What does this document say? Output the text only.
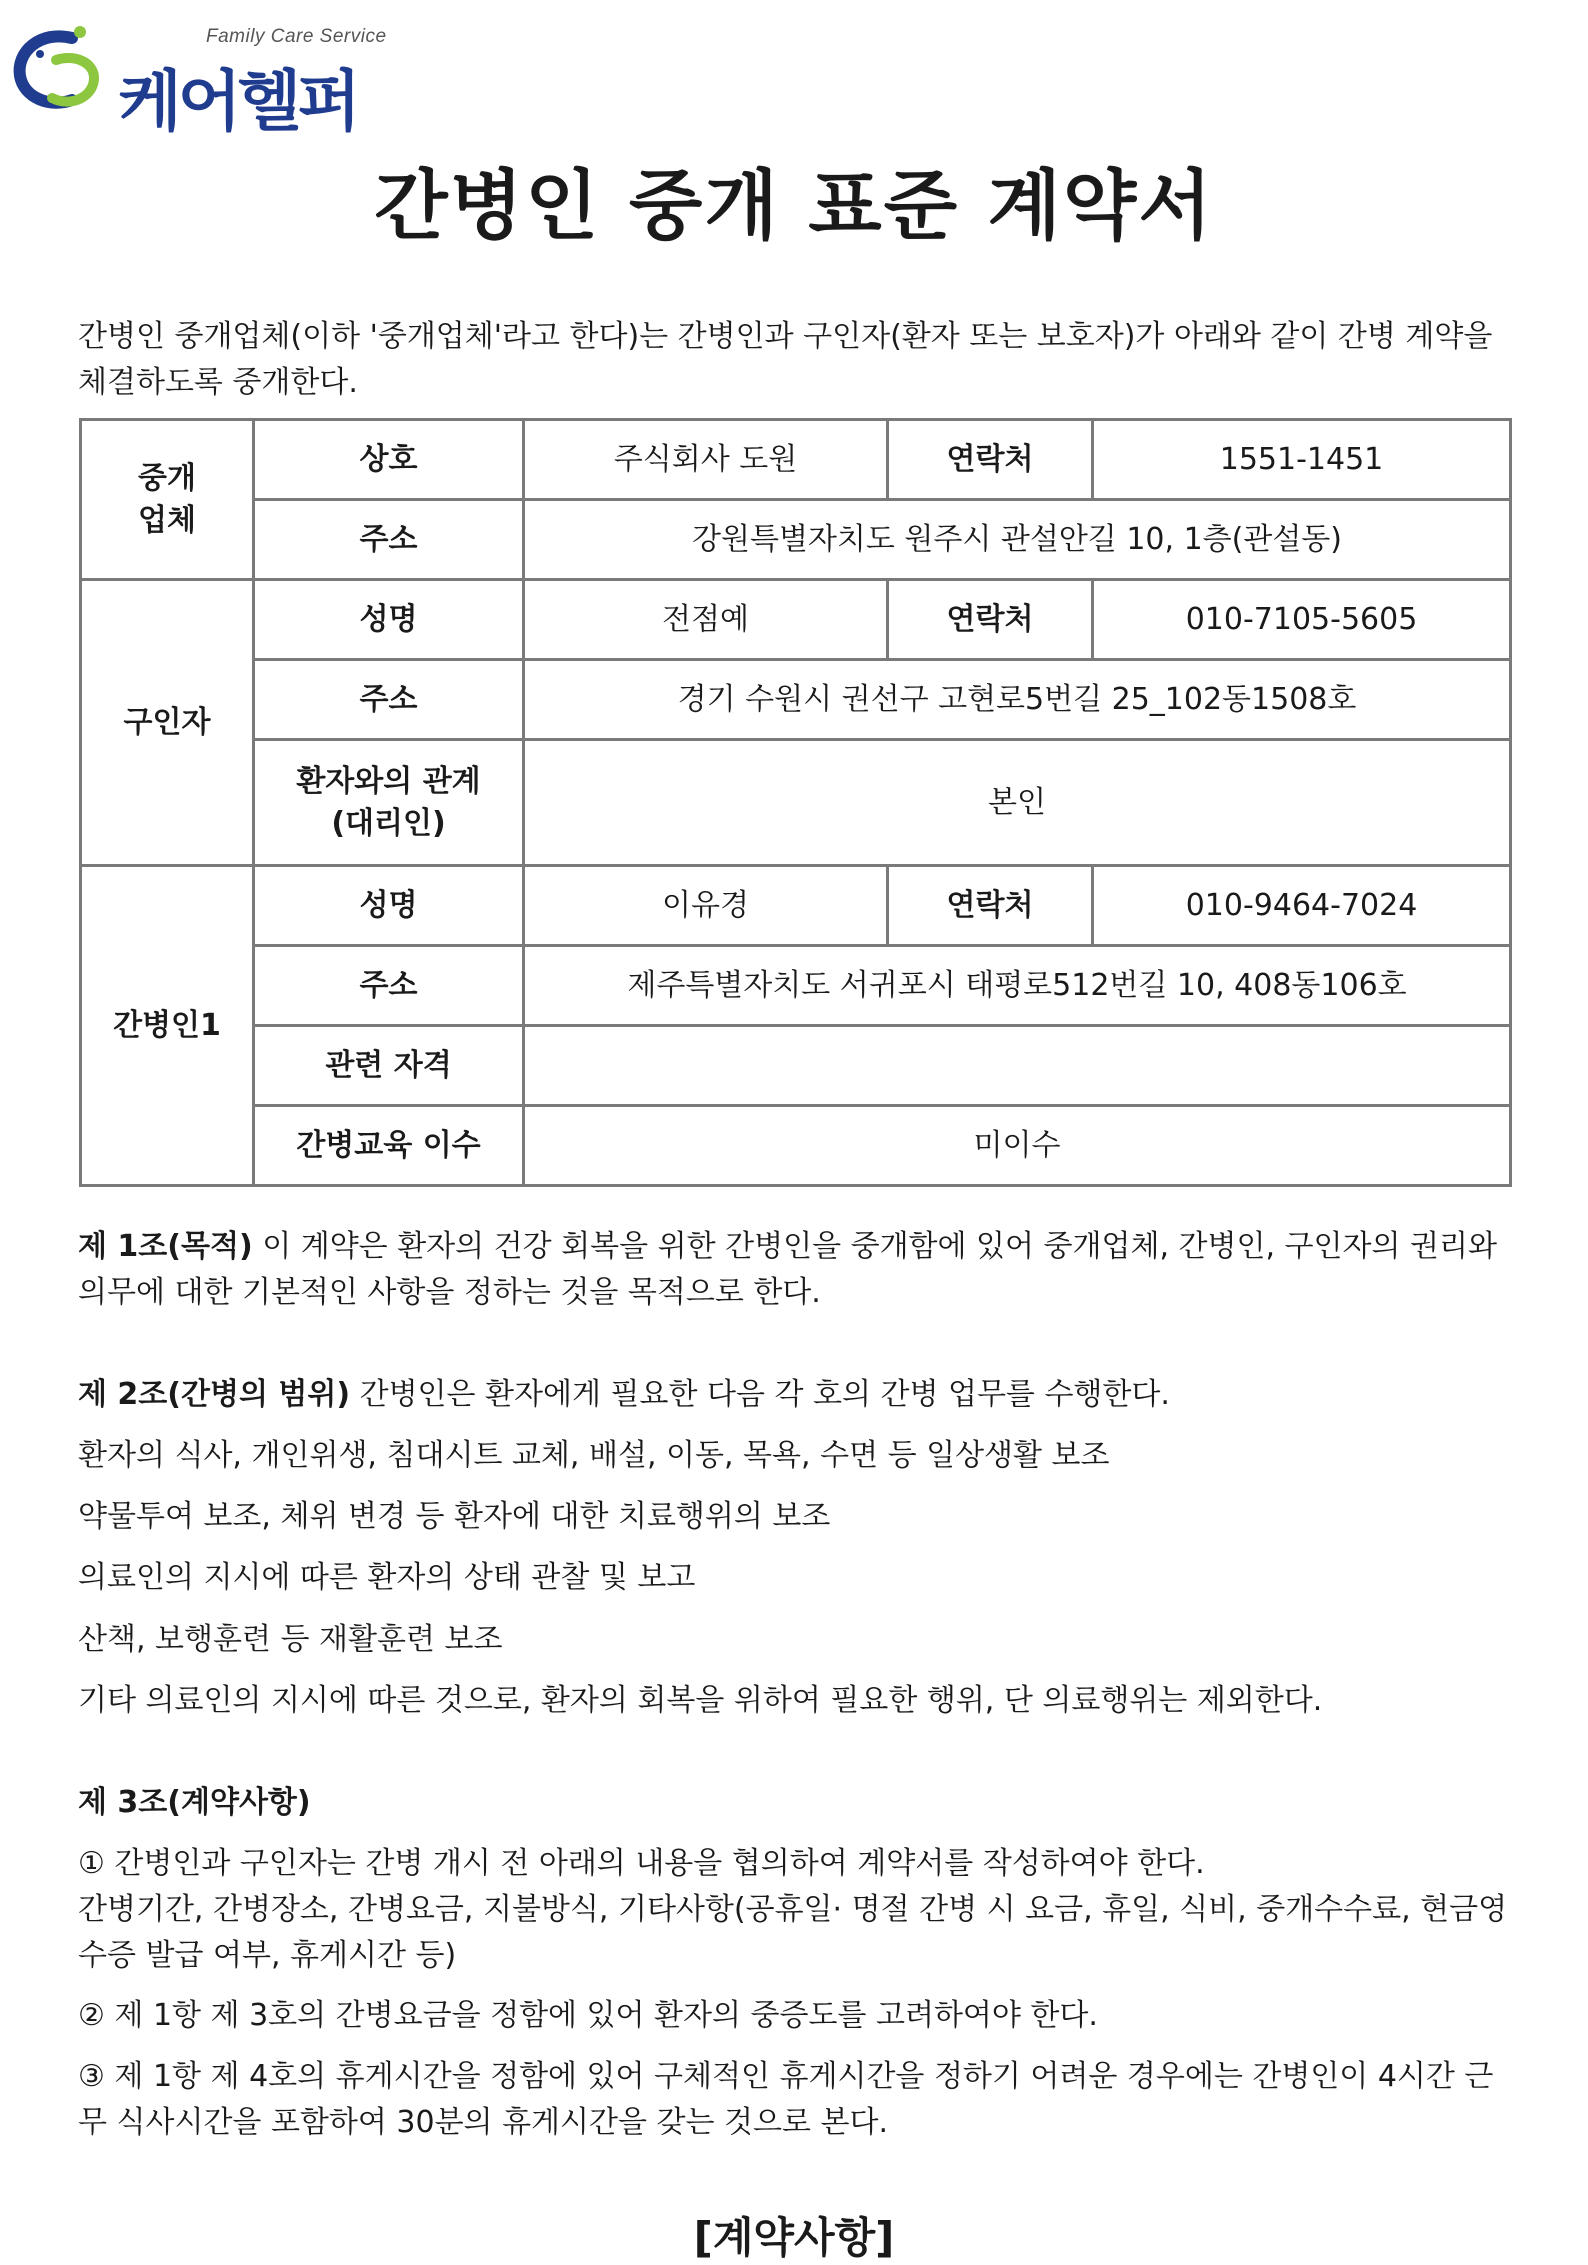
Family Care Service
케어헬퍼
간병인 중개 표준 계약서

간병인 중개업체(이하 '중개업체'라고 한다)는 간병인과 구인자(환자 또는 보호자)가 아래와 같이 간병 계약을 체결하도록 중개한다.

중개 업체	상호	주식회사 도원	연락처	1551-1451
	주소	강원특별자치도 원주시 관설안길 10, 1층(관설동)		
구인자	성명	전점예	연락처	010-7105-5605
	주소	경기 수원시 권선구 고현로5번길 25_102동1508호		
	환자와의 관계 (대리인)	본인		
간병인1	성명	이유경	연락처	010-9464-7024
	주소	제주특별자치도 서귀포시 태평로512번길 10, 408동106호		
	관련 자격			
	간병교육 이수	미이수		

제 1조(목적) 이 계약은 환자의 건강 회복을 위한 간병인을 중개함에 있어 중개업체, 간병인, 구인자의 권리와 의무에 대한 기본적인 사항을 정하는 것을 목적으로 한다.

제 2조(간병의 범위) 간병인은 환자에게 필요한 다음 각 호의 간병 업무를 수행한다.

환자의 식사, 개인위생, 침대시트 교체, 배설, 이동, 목욕, 수면 등 일상생활 보조

약물투여 보조, 체위 변경 등 환자에 대한 치료행위의 보조

의료인의 지시에 따른 환자의 상태 관찰 및 보고

산책, 보행훈련 등 재활훈련 보조

기타 의료인의 지시에 따른 것으로, 환자의 회복을 위하여 필요한 행위, 단 의료행위는 제외한다.

제 3조(계약사항)

① 간병인과 구인자는 간병 개시 전 아래의 내용을 협의하여 계약서를 작성하여야 한다.

간병기간, 간병장소, 간병요금, 지불방식, 기타사항(공휴일· 명절 간병 시 요금, 휴일, 식비, 중개수수료, 현금영수증 발급 여부, 휴게시간 등)

② 제 1항 제 3호의 간병요금을 정함에 있어 환자의 중증도를 고려하여야 한다.

③ 제 1항 제 4호의 휴게시간을 정함에 있어 구체적인 휴게시간을 정하기 어려운 경우에는 간병인이 4시간 근무 식사시간을 포함하여 30분의 휴게시간을 갖는 것으로 본다.

[계약사항]
